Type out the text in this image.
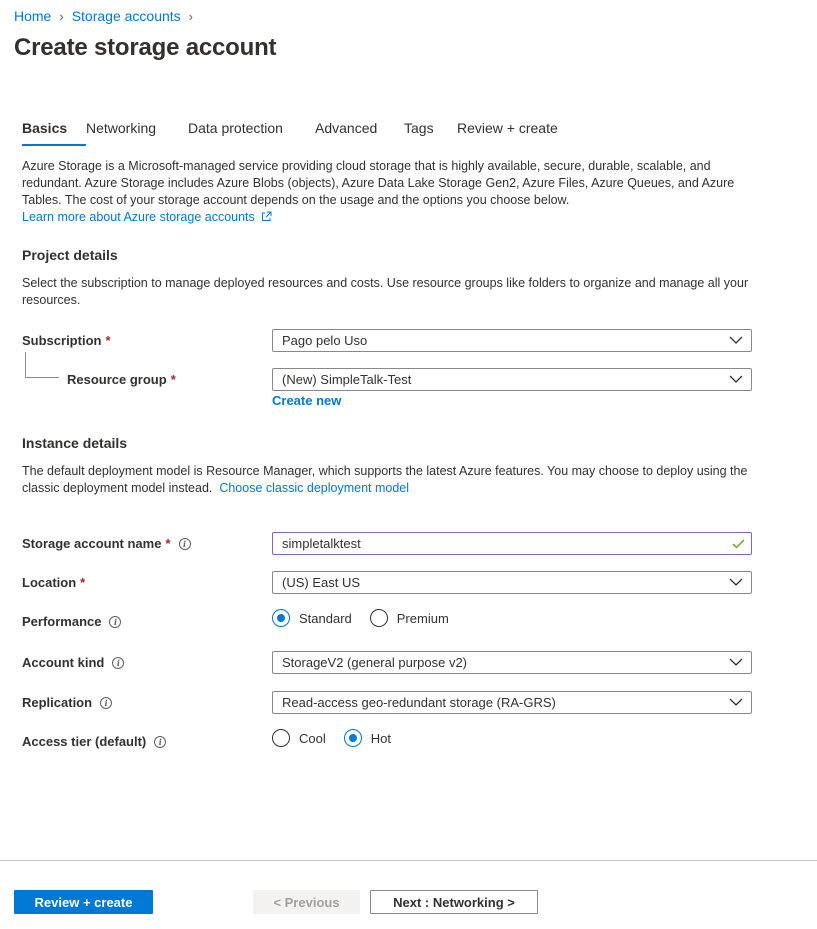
Home › Storage accounts ›
Create storage account
Basics	Networking	Data protection	Advanced	Tags	Review + create
Azure Storage is a Microsoft-managed service providing cloud storage that is highly available, secure, durable, scalable, and redundant. Azure Storage includes Azure Blobs (objects), Azure Data Lake Storage Gen2, Azure Files, Azure Queues, and Azure Tables. The cost of your storage account depends on the usage and the options you choose below.
Learn more about Azure storage accounts
Project details
Select the subscription to manage deployed resources and costs. Use resource groups like folders to organize and manage all your resources.
Subscription *	Pago pelo Uso
Resource group *	(New) SimpleTalk-Test
Create new
Instance details
The default deployment model is Resource Manager, which supports the latest Azure features. You may choose to deploy using the classic deployment model instead. Choose classic deployment model
Storage account name *	i	simpletalktest
Location *	(US) East US
Performance	i	Standard	Premium
Account kind	i	StorageV2 (general purpose v2)
Replication	i	Read-access geo-redundant storage (RA-GRS)
Access tier (default)	i	Cool	Hot
Review + create	< Previous	Next : Networking >
